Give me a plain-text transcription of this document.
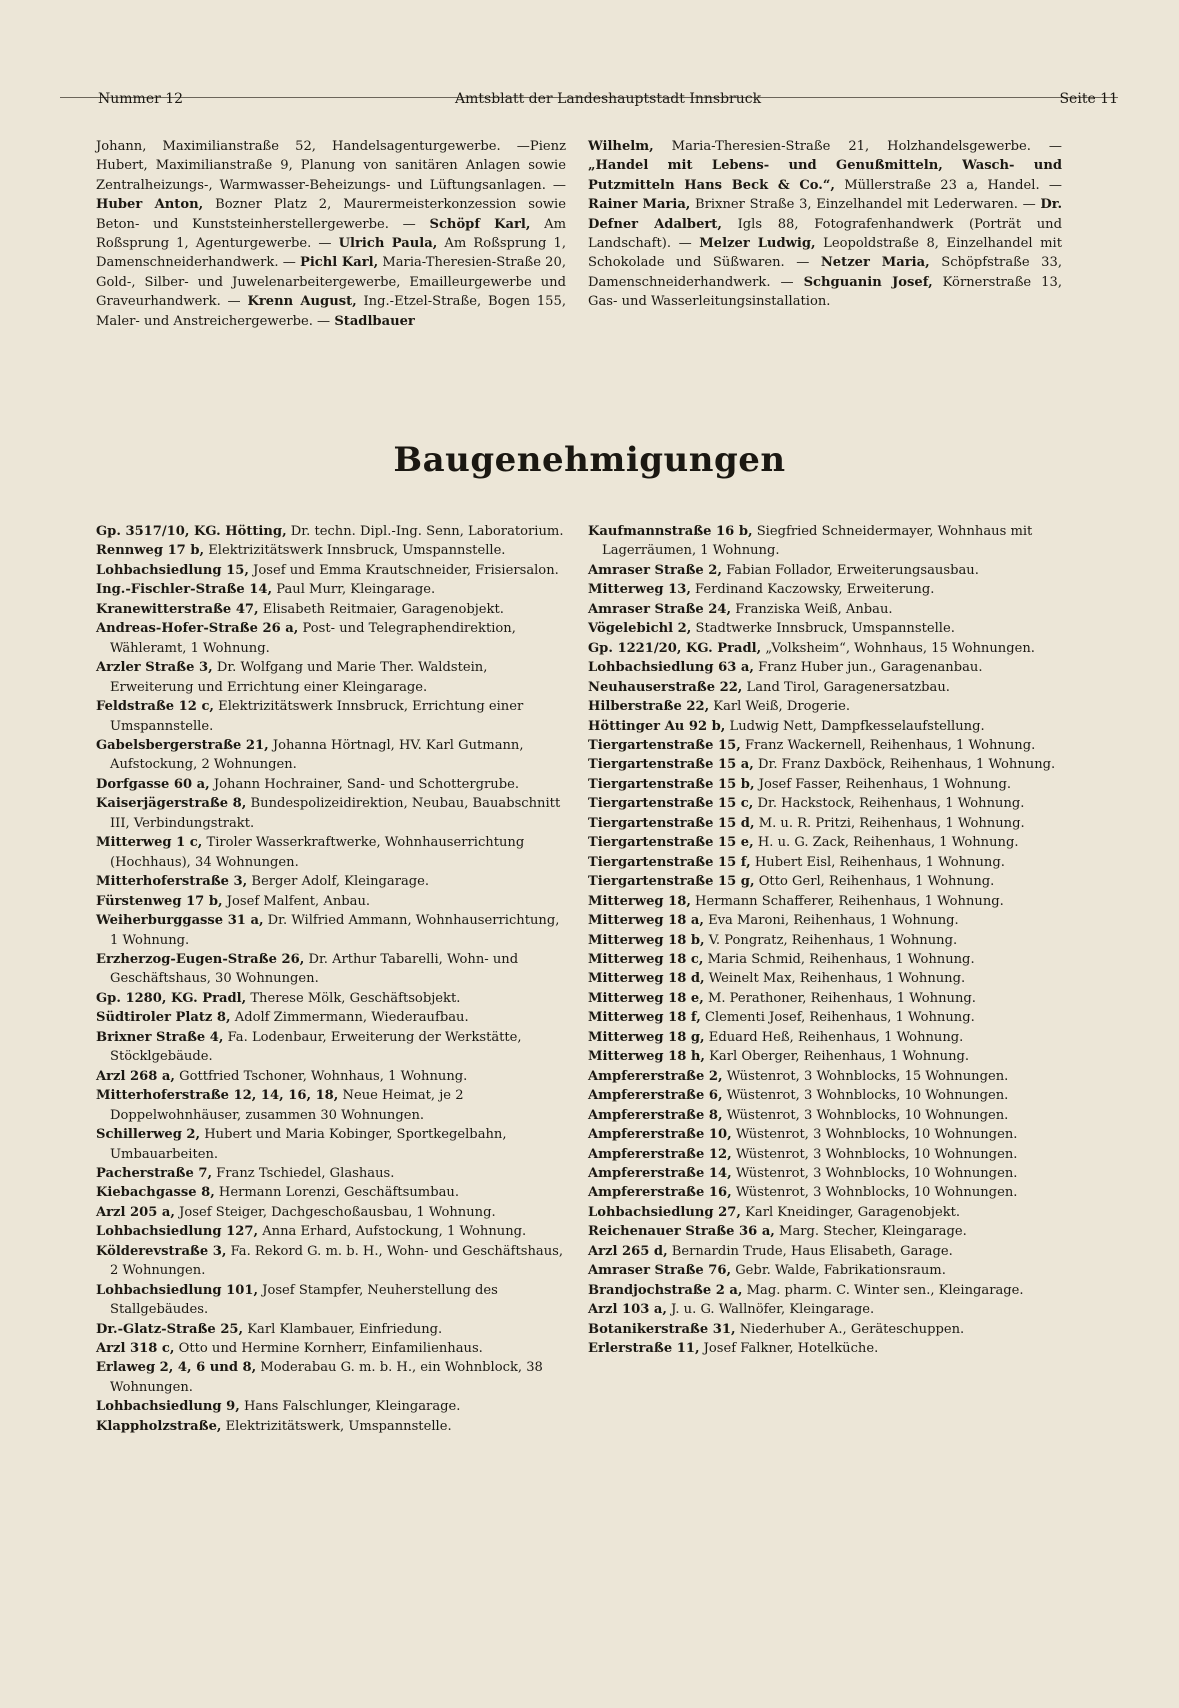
Nummer 12	Amtsblatt der Landeshauptstadt Innsbruck	Seite 11

Johann, Maximilianstraße 52, Handelsagenturgewerbe. —Pienz Hubert, Maximilianstraße 9, Planung von sanitären Anlagen sowie Zentralheizungs-, Warmwasser-Beheizungs- und Lüftungsanlagen. — Huber Anton, Bozner Platz 2, Maurermeisterkonzession sowie Beton- und Kunststeinherstellergewerbe. — Schöpf Karl, Am Roßsprung 1, Agenturgewerbe. — Ulrich Paula, Am Roßsprung 1, Damenschneiderhandwerk. — Pichl Karl, Maria-Theresien-Straße 20, Gold-, Silber- und Juwelenarbeitergewerbe, Emailleurgewerbe und Graveurhandwerk. — Krenn August, Ing.-Etzel-Straße, Bogen 155, Maler- und Anstreichergewerbe. — Stadlbauer

Wilhelm, Maria-Theresien-Straße 21, Holzhandelsgewerbe. — „Handel mit Lebens- und Genußmitteln, Wasch- und Putzmitteln Hans Beck & Co.“, Müllerstraße 23 a, Handel. — Rainer Maria, Brixner Straße 3, Einzelhandel mit Lederwaren. — Dr. Defner Adalbert, Igls 88, Fotografenhandwerk (Porträt und Landschaft). — Melzer Ludwig, Leopoldstraße 8, Einzelhandel mit Schokolade und Süßwaren. — Netzer Maria, Schöpfstraße 33, Damenschneiderhandwerk. — Schguanin Josef, Körnerstraße 13, Gas- und Wasserleitungsinstallation.

Baugenehmigungen

Gp. 3517/10, KG. Hötting, Dr. techn. Dipl.-Ing. Senn, Laboratorium.

Rennweg 17 b, Elektrizitätswerk Innsbruck, Umspannstelle.

Lohbachsiedlung 15, Josef und Emma Krautschneider, Frisiersalon.

Ing.-Fischler-Straße 14, Paul Murr, Kleingarage.

Kranewitterstraße 47, Elisabeth Reitmaier, Garagenobjekt.

Andreas-Hofer-Straße 26 a, Post- und Telegraphendirektion, Wähleramt, 1 Wohnung.

Arzler Straße 3, Dr. Wolfgang und Marie Ther. Waldstein, Erweiterung und Errichtung einer Kleingarage.

Feldstraße 12 c, Elektrizitätswerk Innsbruck, Errichtung einer Umspannstelle.

Gabelsbergerstraße 21, Johanna Hörtnagl, HV. Karl Gutmann, Aufstockung, 2 Wohnungen.

Dorfgasse 60 a, Johann Hochrainer, Sand- und Schottergrube.

Kaiserjägerstraße 8, Bundespolizeidirektion, Neubau, Bauabschnitt III, Verbindungstrakt.

Mitterweg 1 c, Tiroler Wasserkraftwerke, Wohnhauserrichtung (Hochhaus), 34 Wohnungen.

Mitterhoferstraße 3, Berger Adolf, Kleingarage.

Fürstenweg 17 b, Josef Malfent, Anbau.

Weiherburggasse 31 a, Dr. Wilfried Ammann, Wohnhauserrichtung, 1 Wohnung.

Erzherzog-Eugen-Straße 26, Dr. Arthur Tabarelli, Wohn- und Geschäftshaus, 30 Wohnungen.

Gp. 1280, KG. Pradl, Therese Mölk, Geschäftsobjekt.

Südtiroler Platz 8, Adolf Zimmermann, Wiederaufbau.

Brixner Straße 4, Fa. Lodenbaur, Erweiterung der Werkstätte, Stöcklgebäude.

Arzl 268 a, Gottfried Tschoner, Wohnhaus, 1 Wohnung.

Mitterhoferstraße 12, 14, 16, 18, Neue Heimat, je 2 Doppelwohnhäuser, zusammen 30 Wohnungen.

Schillerweg 2, Hubert und Maria Kobinger, Sportkegelbahn, Umbauarbeiten.

Pacherstraße 7, Franz Tschiedel, Glashaus.

Kiebachgasse 8, Hermann Lorenzi, Geschäftsumbau.

Arzl 205 a, Josef Steiger, Dachgeschoßausbau, 1 Wohnung.

Lohbachsiedlung 127, Anna Erhard, Aufstockung, 1 Wohnung.

Kölderevstraße 3, Fa. Rekord G. m. b. H., Wohn- und Geschäftshaus, 2 Wohnungen.

Lohbachsiedlung 101, Josef Stampfer, Neuherstellung des Stallgebäudes.

Dr.-Glatz-Straße 25, Karl Klambauer, Einfriedung.

Arzl 318 c, Otto und Hermine Kornherr, Einfamilienhaus.

Erlaweg 2, 4, 6 und 8, Moderabau G. m. b. H., ein Wohnblock, 38 Wohnungen.

Lohbachsiedlung 9, Hans Falschlunger, Kleingarage.

Klappholzstraße, Elektrizitätswerk, Umspannstelle.

Kaufmannstraße 16 b, Siegfried Schneidermayer, Wohnhaus mit Lagerräumen, 1 Wohnung.

Amraser Straße 2, Fabian Follador, Erweiterungsausbau.

Mitterweg 13, Ferdinand Kaczowsky, Erweiterung.

Amraser Straße 24, Franziska Weiß, Anbau.

Vögelebichl 2, Stadtwerke Innsbruck, Umspannstelle.

Gp. 1221/20, KG. Pradl, „Volksheim“, Wohnhaus, 15 Wohnungen.

Lohbachsiedlung 63 a, Franz Huber jun., Garagenanbau.

Neuhauserstraße 22, Land Tirol, Garagenersatzbau.

Hilberstraße 22, Karl Weiß, Drogerie.

Höttinger Au 92 b, Ludwig Nett, Dampfkesselaufstellung.

Tiergartenstraße 15, Franz Wackernell, Reihenhaus, 1 Wohnung.

Tiergartenstraße 15 a, Dr. Franz Daxböck, Reihenhaus, 1 Wohnung.

Tiergartenstraße 15 b, Josef Fasser, Reihenhaus, 1 Wohnung.

Tiergartenstraße 15 c, Dr. Hackstock, Reihenhaus, 1 Wohnung.

Tiergartenstraße 15 d, M. u. R. Pritzi, Reihenhaus, 1 Wohnung.

Tiergartenstraße 15 e, H. u. G. Zack, Reihenhaus, 1 Wohnung.

Tiergartenstraße 15 f, Hubert Eisl, Reihenhaus, 1 Wohnung.

Tiergartenstraße 15 g, Otto Gerl, Reihenhaus, 1 Wohnung.

Mitterweg 18, Hermann Schafferer, Reihenhaus, 1 Wohnung.

Mitterweg 18 a, Eva Maroni, Reihenhaus, 1 Wohnung.

Mitterweg 18 b, V. Pongratz, Reihenhaus, 1 Wohnung.

Mitterweg 18 c, Maria Schmid, Reihenhaus, 1 Wohnung.

Mitterweg 18 d, Weinelt Max, Reihenhaus, 1 Wohnung.

Mitterweg 18 e, M. Perathoner, Reihenhaus, 1 Wohnung.

Mitterweg 18 f, Clementi Josef, Reihenhaus, 1 Wohnung.

Mitterweg 18 g, Eduard Heß, Reihenhaus, 1 Wohnung.

Mitterweg 18 h, Karl Oberger, Reihenhaus, 1 Wohnung.

Ampfererstraße 2, Wüstenrot, 3 Wohnblocks, 15 Wohnungen.

Ampfererstraße 6, Wüstenrot, 3 Wohnblocks, 10 Wohnungen.

Ampfererstraße 8, Wüstenrot, 3 Wohnblocks, 10 Wohnungen.

Ampfererstraße 10, Wüstenrot, 3 Wohnblocks, 10 Wohnungen.

Ampfererstraße 12, Wüstenrot, 3 Wohnblocks, 10 Wohnungen.

Ampfererstraße 14, Wüstenrot, 3 Wohnblocks, 10 Wohnungen.

Ampfererstraße 16, Wüstenrot, 3 Wohnblocks, 10 Wohnungen.

Lohbachsiedlung 27, Karl Kneidinger, Garagenobjekt.

Reichenauer Straße 36 a, Marg. Stecher, Kleingarage.

Arzl 265 d, Bernardin Trude, Haus Elisabeth, Garage.

Amraser Straße 76, Gebr. Walde, Fabrikationsraum.

Brandjochstraße 2 a, Mag. pharm. C. Winter sen., Kleingarage.

Arzl 103 a, J. u. G. Wallnöfer, Kleingarage.

Botanikerstraße 31, Niederhuber A., Geräteschuppen.

Erlerstraße 11, Josef Falkner, Hotelküche.
